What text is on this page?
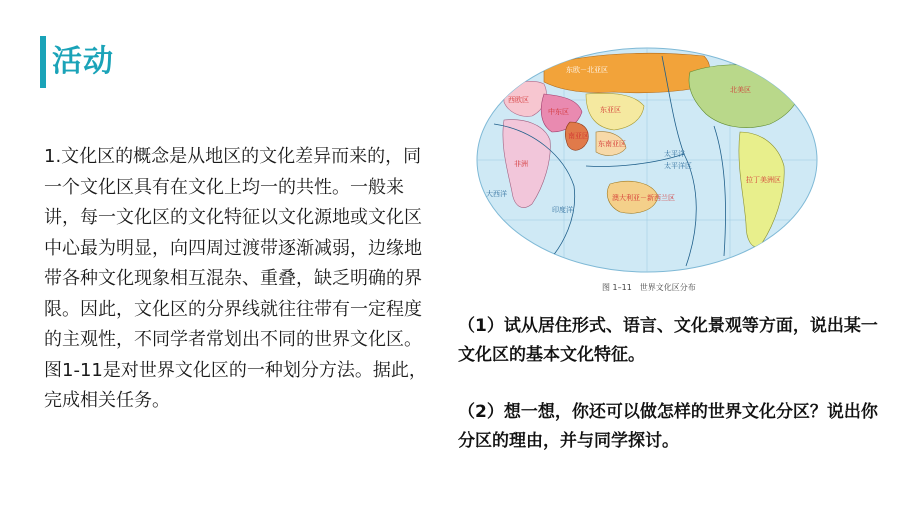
活动
1.文化区的概念是从地区的文化差异而来的，同一个文化区具有在文化上均一的共性。一般来讲，每一文化区的文化特征以文化源地或文化区中心最为明显，向四周过渡带逐渐减弱，边缘地带各种文化现象相互混杂、重叠，缺乏明确的界限。因此，文化区的分界线就往往带有一定程度的主观性，不同学者常划出不同的世界文化区。图1-11是对世界文化区的一种划分方法。据此，完成相关任务。
东欧－北亚区
西欧区
中东区	东亚区
南亚区
东南亚区
非洲
澳大利亚－新西兰区
北美区
拉丁美洲区
太平洋
太平洋区
印度洋
大西洋
图 1–11　世界文化区分布
（1）试从居住形式、语言、文化景观等方面，说出某一文化区的基本文化特征。
（2）想一想，你还可以做怎样的世界文化分区？说出你分区的理由，并与同学探讨。
